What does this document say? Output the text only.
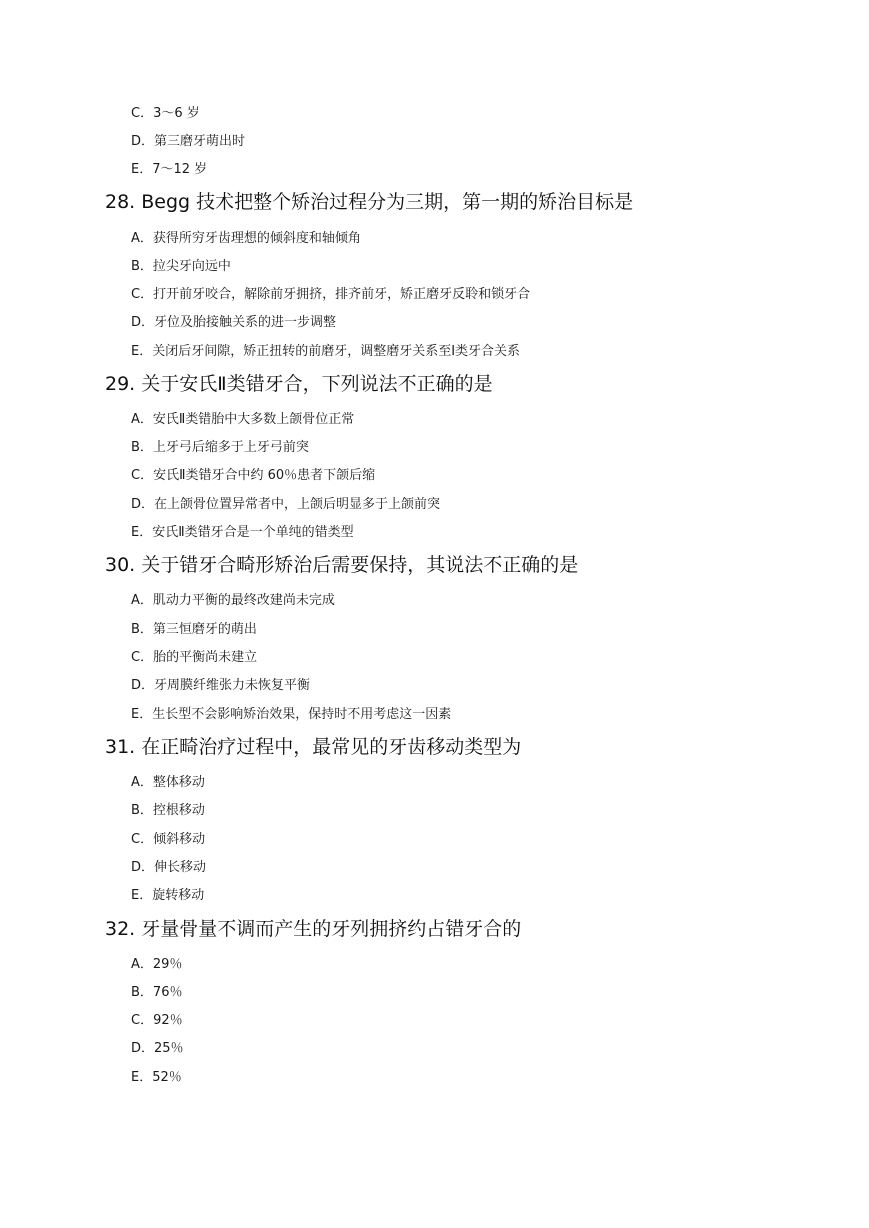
C．3～6 岁
D．第三磨牙萌出时
E．7～12 岁
28. Begg 技术把整个矫治过程分为三期，第一期的矫治目标是
A．获得所穷牙齿理想的倾斜度和轴倾角
B．拉尖牙向远中
C．打开前牙咬合，解除前牙拥挤，排齐前牙，矫正磨牙反聆和锁牙合
D．牙位及胎接触关系的进一步调整
E．关闭后牙间隙，矫正扭转的前磨牙，调整磨牙关系至Ⅰ类牙合关系
29. 关于安氏Ⅱ类错牙合，下列说法不正确的是
A．安氏Ⅱ类错胎中大多数上颌骨位正常
B．上牙弓后缩多于上牙弓前突
C．安氏Ⅱ类错牙合中约 60％患者下颌后缩
D．在上颌骨位置异常者中，上颌后明显多于上颌前突
E．安氏Ⅱ类错牙合是一个单纯的错类型
30. 关于错牙合畸形矫治后需要保持，其说法不正确的是
A．肌动力平衡的最终改建尚未完成
B．第三恒磨牙的萌出
C．胎的平衡尚未建立
D．牙周膜纤维张力未恢复平衡
E．生长型不会影响矫治效果，保持时不用考虑这一因素
31. 在正畸治疗过程中，最常见的牙齿移动类型为
A．整体移动
B．控根移动
C．倾斜移动
D．伸长移动
E．旋转移动
32. 牙量骨量不调而产生的牙列拥挤约占错牙合的
A．29％
B．76％
C．92％
D．25％
E．52％
